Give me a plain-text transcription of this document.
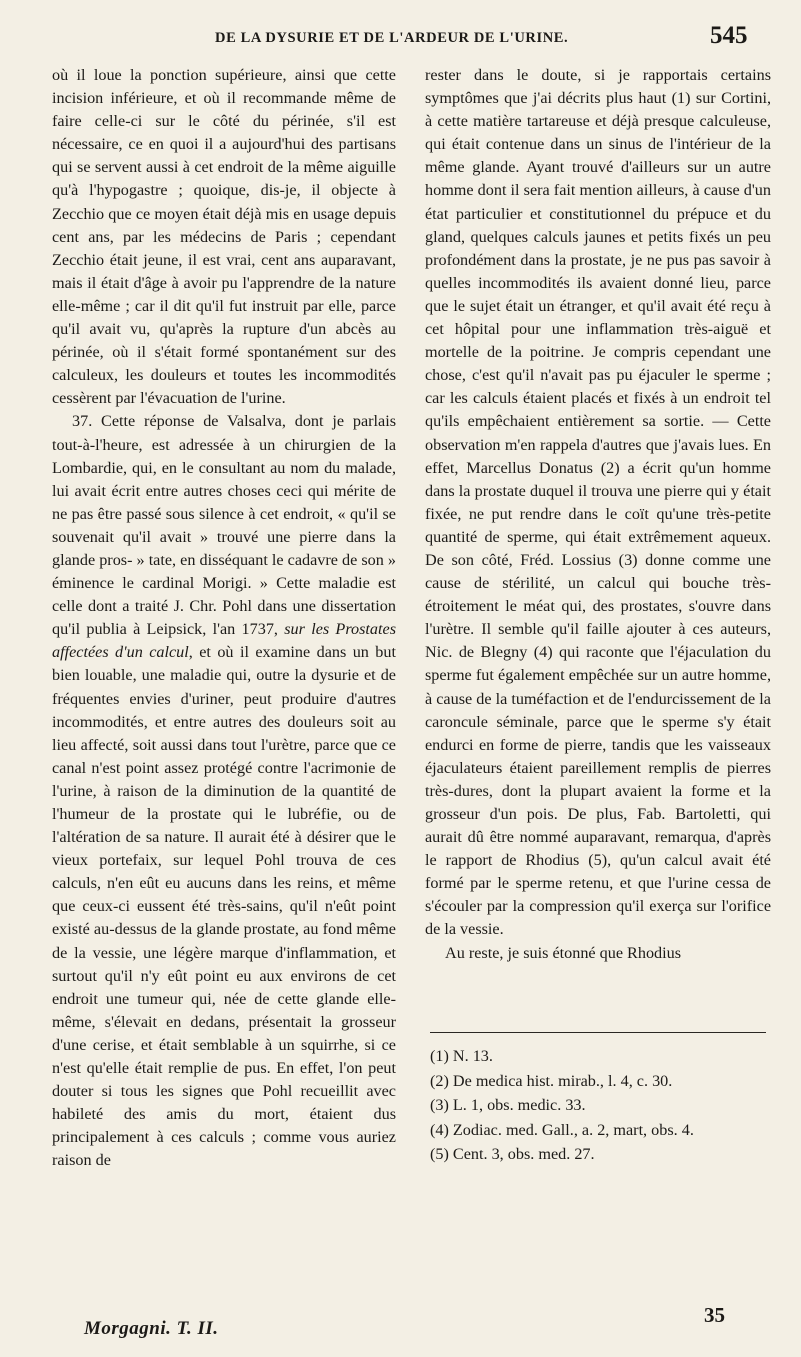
DE LA DYSURIE ET DE L'ARDEUR DE L'URINE.	545

où il loue la ponction supérieure, ainsi que cette incision inférieure, et où il recommande même de faire celle-ci sur le côté du périnée, s'il est nécessaire, ce en quoi il a aujourd'hui des partisans qui se servent aussi à cet endroit de la même aiguille qu'à l'hypogastre ; quoique, dis-je, il objecte à Zecchio que ce moyen était déjà mis en usage depuis cent ans, par les médecins de Paris ; cependant Zecchio était jeune, il est vrai, cent ans auparavant, mais il était d'âge à avoir pu l'apprendre de la nature elle-même ; car il dit qu'il fut instruit par elle, parce qu'il avait vu, qu'après la rupture d'un abcès au périnée, où il s'était formé spontanément sur des calculeux, les douleurs et toutes les incommodités cessèrent par l'évacuation de l'urine.

37. Cette réponse de Valsalva, dont je parlais tout-à-l'heure, est adressée à un chirurgien de la Lombardie, qui, en le consultant au nom du malade, lui avait écrit entre autres choses ceci qui mérite de ne pas être passé sous silence à cet endroit, « qu'il se souvenait qu'il avait » trouvé une pierre dans la glande pros- » tate, en disséquant le cadavre de son » éminence le cardinal Morigi. » Cette maladie est celle dont a traité J. Chr. Pohl dans une dissertation qu'il publia à Leipsick, l'an 1737, sur les Prostates affectées d'un calcul, et où il examine dans un but bien louable, une maladie qui, outre la dysurie et de fréquentes envies d'uriner, peut produire d'autres incommodités, et entre autres des douleurs soit au lieu affecté, soit aussi dans tout l'urètre, parce que ce canal n'est point assez protégé contre l'acrimonie de l'urine, à raison de la diminution de la quantité de l'humeur de la prostate qui le lubréfie, ou de l'altération de sa nature. Il aurait été à désirer que le vieux portefaix, sur lequel Pohl trouva de ces calculs, n'en eût eu aucuns dans les reins, et même que ceux-ci eussent été très-sains, qu'il n'eût point existé au-dessus de la glande prostate, au fond même de la vessie, une légère marque d'inflammation, et surtout qu'il n'y eût point eu aux environs de cet endroit une tumeur qui, née de cette glande elle-même, s'élevait en dedans, présentait la grosseur d'une cerise, et était semblable à un squirrhe, si ce n'est qu'elle était remplie de pus. En effet, l'on peut douter si tous les signes que Pohl recueillit avec habileté des amis du mort, étaient dus principalement à ces calculs ; comme vous auriez raison de

rester dans le doute, si je rapportais certains symptômes que j'ai décrits plus haut (1) sur Cortini, à cette matière tartareuse et déjà presque calculeuse, qui était contenue dans un sinus de l'intérieur de la même glande. Ayant trouvé d'ailleurs sur un autre homme dont il sera fait mention ailleurs, à cause d'un état particulier et constitutionnel du prépuce et du gland, quelques calculs jaunes et petits fixés un peu profondément dans la prostate, je ne pus pas savoir à quelles incommodités ils avaient donné lieu, parce que le sujet était un étranger, et qu'il avait été reçu à cet hôpital pour une inflammation très-aiguë et mortelle de la poitrine. Je compris cependant une chose, c'est qu'il n'avait pas pu éjaculer le sperme ; car les calculs étaient placés et fixés à un endroit tel qu'ils empêchaient entièrement sa sortie. — Cette observation m'en rappela d'autres que j'avais lues. En effet, Marcellus Donatus (2) a écrit qu'un homme dans la prostate duquel il trouva une pierre qui y était fixée, ne put rendre dans le coït qu'une très-petite quantité de sperme, qui était extrêmement aqueux. De son côté, Fréd. Lossius (3) donne comme une cause de stérilité, un calcul qui bouche très-étroitement le méat qui, des prostates, s'ouvre dans l'urètre. Il semble qu'il faille ajouter à ces auteurs, Nic. de Blegny (4) qui raconte que l'éjaculation du sperme fut également empêchée sur un autre homme, à cause de la tuméfaction et de l'endurcissement de la caroncule séminale, parce que le sperme s'y était endurci en forme de pierre, tandis que les vaisseaux éjaculateurs étaient pareillement remplis de pierres très-dures, dont la plupart avaient la forme et la grosseur d'un pois. De plus, Fab. Bartoletti, qui aurait dû être nommé auparavant, remarqua, d'après le rapport de Rhodius (5), qu'un calcul avait été formé par le sperme retenu, et que l'urine cessa de s'écouler par la compression qu'il exerça sur l'orifice de la vessie.

Au reste, je suis étonné que Rhodius

(1) N. 13.
(2) De medica hist. mirab., l. 4, c. 30.
(3) L. 1, obs. medic. 33.
(4) Zodiac. med. Gall., a. 2, mart, obs. 4.
(5) Cent. 3, obs. med. 27.
Morgagni. T. II.
35
